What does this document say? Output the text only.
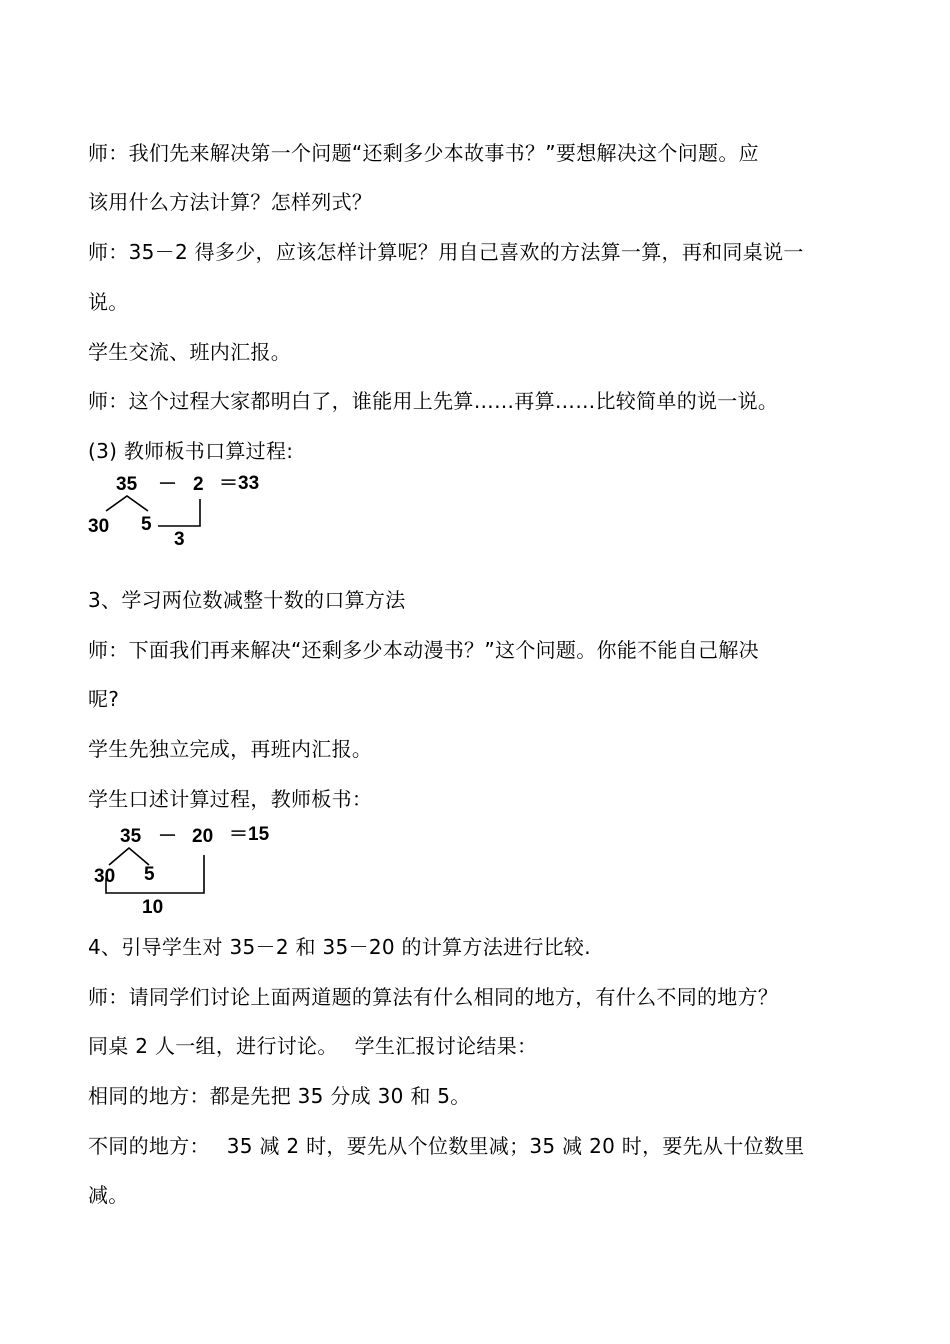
师：我们先来解决第一个问题“还剩多少本故事书？”要想解决这个问题。应
该用什么方法计算？怎样列式？
师：35－2 得多少，应该怎样计算呢？用自己喜欢的方法算一算，再和同桌说一
说。
学生交流、班内汇报。
师：这个过程大家都明白了，谁能用上先算……再算……比较简单的说一说。
(3) 教师板书口算过程:
35 － 2 ＝33
30 5
3
3、学习两位数减整十数的口算方法
师：下面我们再来解决“还剩多少本动漫书？”这个问题。你能不能自己解决
呢?
学生先独立完成，再班内汇报。
学生口述计算过程，教师板书：
35 － 20 ＝15
30 5
10
4、引导学生对 35－2 和 35－20 的计算方法进行比较.
师：请同学们讨论上面两道题的算法有什么相同的地方，有什么不同的地方？
同桌 2 人一组，进行讨论。　 学生汇报讨论结果：
相同的地方：都是先把 35 分成 30 和 5。
不同的地方：　 35 减 2 时，要先从个位数里减；35 减 20 时，要先从十位数里
减。
